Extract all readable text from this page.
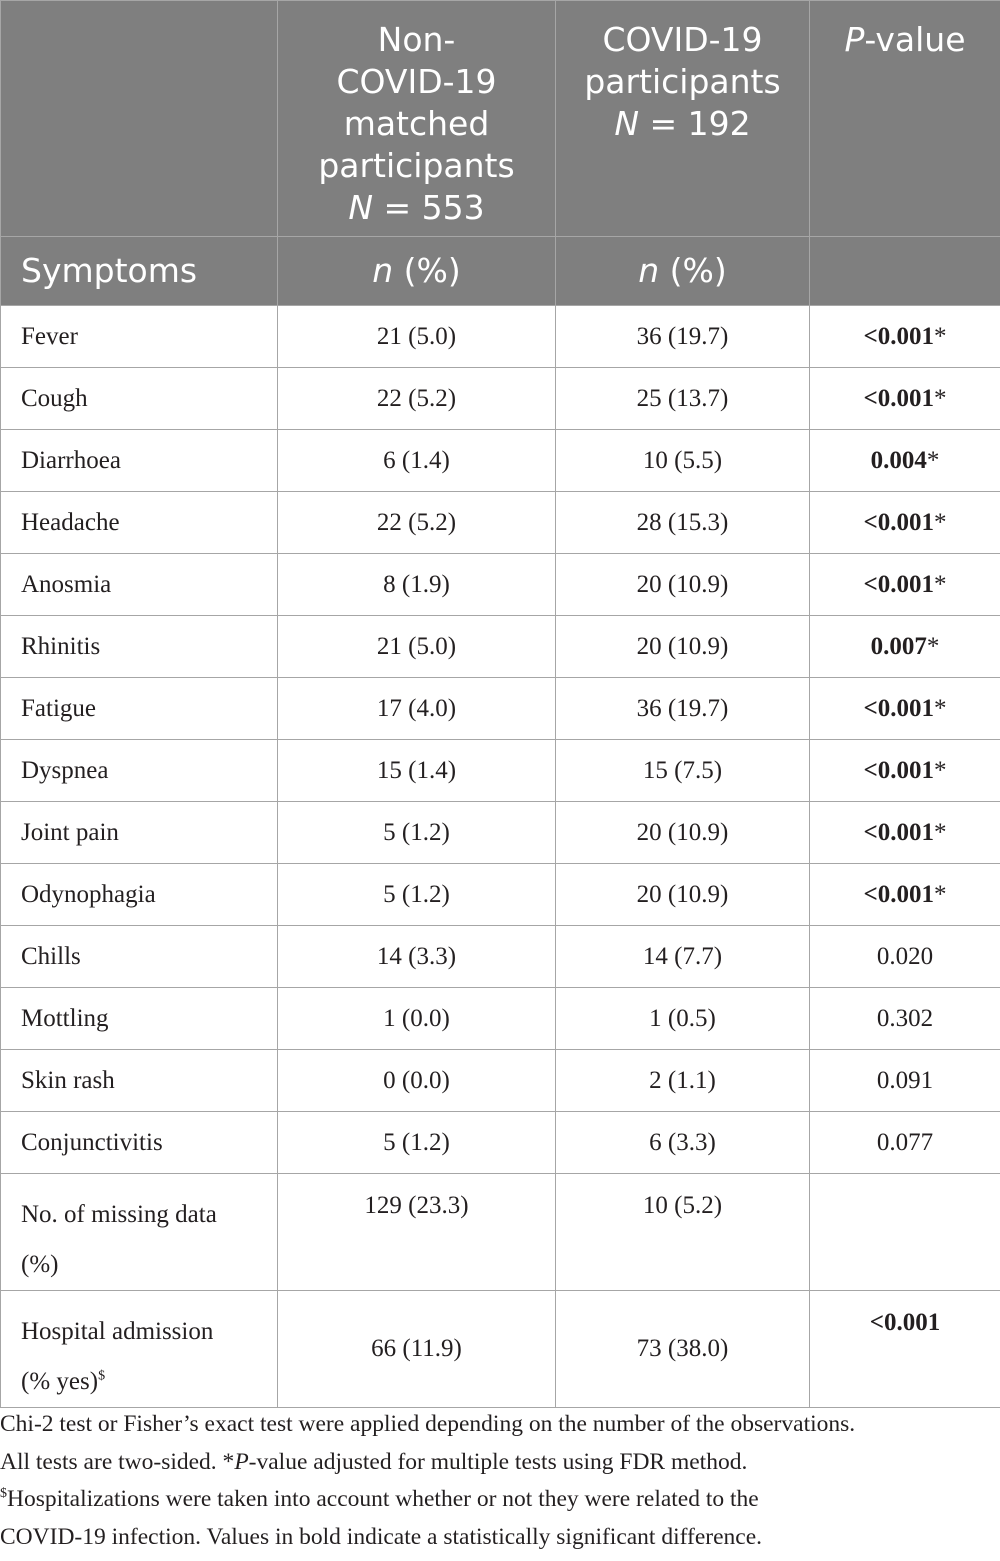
	Non-
COVID-19
matched
participants
N = 553	COVID-19
participants
N = 192	P-value
Symptoms	n (%)	n (%)	
Fever	21 (5.0)	36 (19.7)	<0.001*
Cough	22 (5.2)	25 (13.7)	<0.001*
Diarrhoea	6 (1.4)	10 (5.5)	0.004*
Headache	22 (5.2)	28 (15.3)	<0.001*
Anosmia	8 (1.9)	20 (10.9)	<0.001*
Rhinitis	21 (5.0)	20 (10.9)	0.007*
Fatigue	17 (4.0)	36 (19.7)	<0.001*
Dyspnea	15 (1.4)	15 (7.5)	<0.001*
Joint pain	5 (1.2)	20 (10.9)	<0.001*
Odynophagia	5 (1.2)	20 (10.9)	<0.001*
Chills	14 (3.3)	14 (7.7)	0.020
Mottling	1 (0.0)	1 (0.5)	0.302
Skin rash	0 (0.0)	2 (1.1)	0.091
Conjunctivitis	5 (1.2)	6 (3.3)	0.077

No. of missing data
(%)	129 (23.3)	10 (5.2)	

Hospital admission
(% yes)$	66 (11.9)	73 (38.0)	<0.001

Chi-2 test or Fisher’s exact test were applied depending on the number of the observations.

All tests are two-sided. *P-value adjusted for multiple tests using FDR method.

$Hospitalizations were taken into account whether or not they were related to the

COVID-19 infection. Values in bold indicate a statistically significant difference.
